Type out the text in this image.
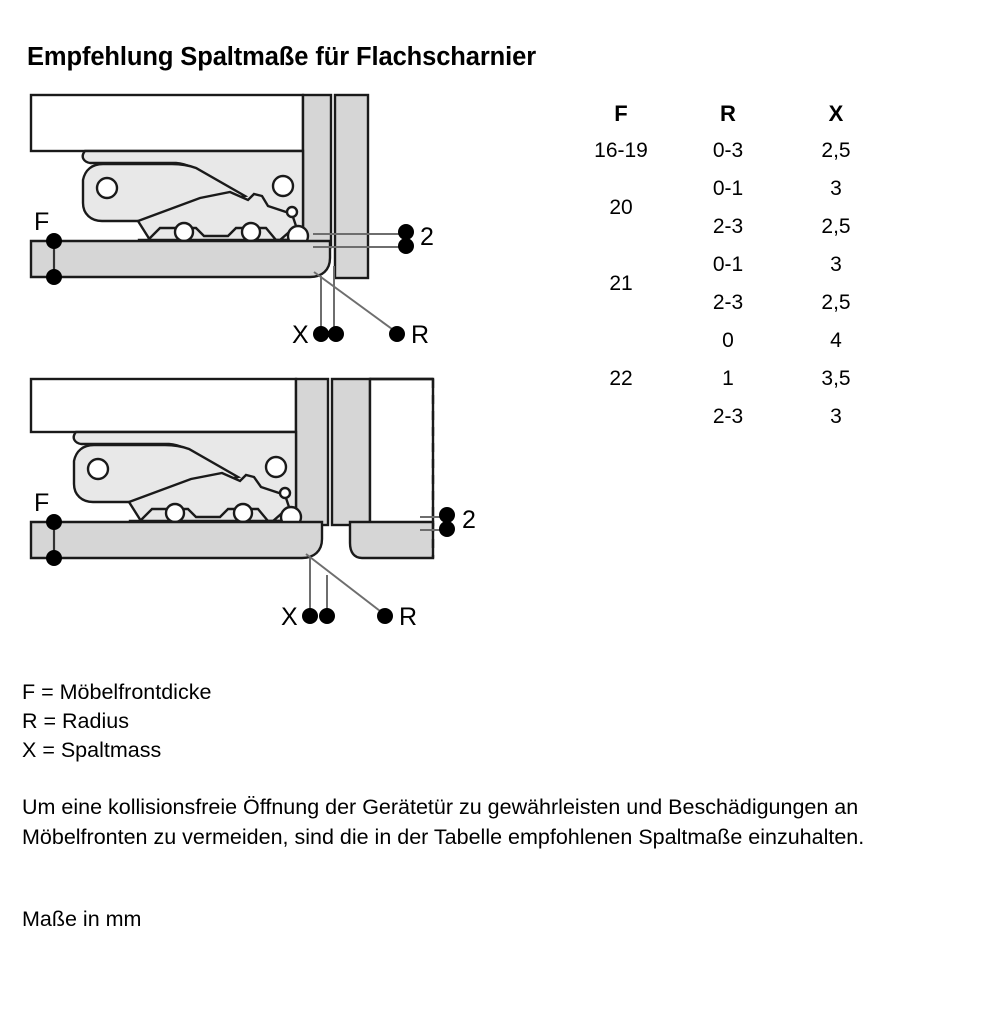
Empfehlung Spaltmaße für Flachscharnier
F
2
X	R
F
2
X	R
F	R	X
16-19	0-3	2,5
20	0-1	3
	2-3	2,5
21	0-1	3
	2-3	2,5
22	0	4
	1	3,5
	2-3	3

F = Möbelfrontdicke
R = Radius
X = Spaltmass
Um eine kollisionsfreie Öffnung der Gerätetür zu gewährleisten und Beschädigungen an Möbelfronten zu vermeiden, sind die in der Tabelle empfohlenen Spaltmaße einzuhalten.
Maße in mm
